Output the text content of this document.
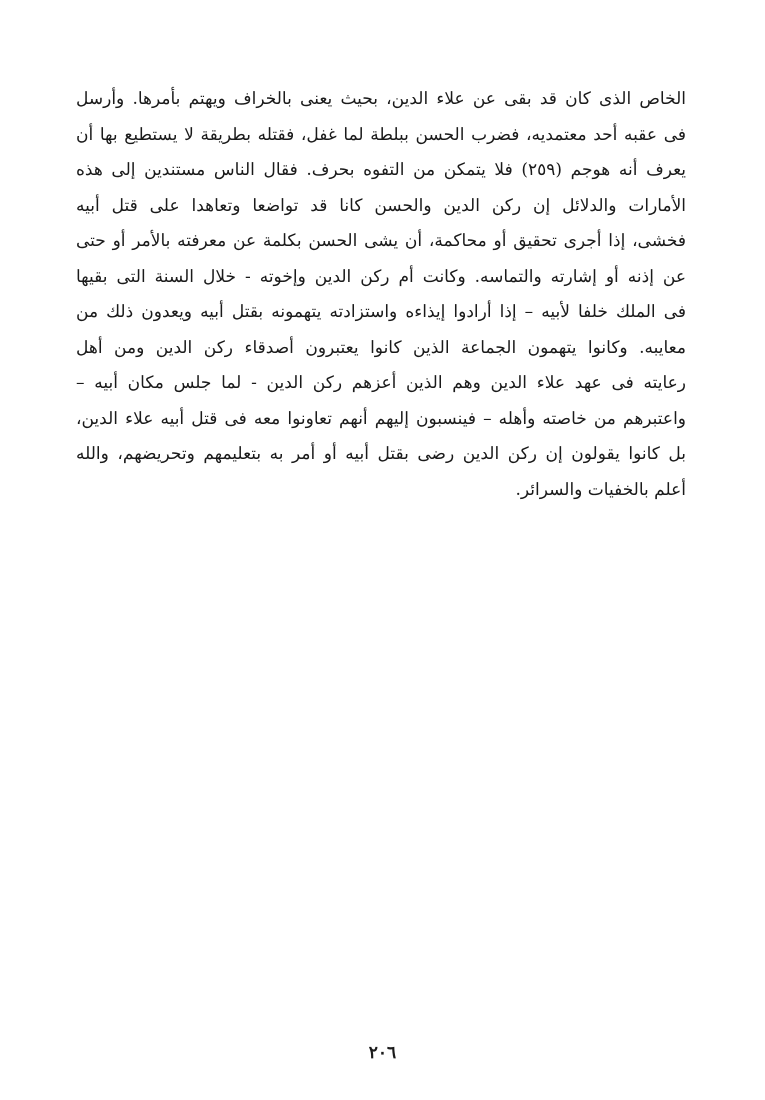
الخاص الذى كان قد بقى عن علاء الدين، بحيث يعنى بالخراف ويهتم بأمرها. وأرسل
فى عقبه أحد معتمديه، فضرب الحسن ببلطة لما غفل، فقتله بطريقة لا يستطيع بها أن
يعرف أنه هوجم (٢٥٩) فلا يتمكن من التفوه بحرف. فقال الناس مستندين إلى هذه
الأمارات والدلائل إن ركن الدين والحسن كانا قد تواضعا وتعاهدا على قتل أبيه
فخشى، إذا أجرى تحقيق أو محاكمة، أن يشى الحسن بكلمة عن معرفته بالأمر أو حتى
عن إذنه أو إشارته والتماسه. وكانت أم ركن الدين وإخوته - خلال السنة التى بقيها
فى الملك خلفا لأبيه – إذا أرادوا إيذاءه واستزادته يتهمونه بقتل أبيه ويعدون ذلك من
معايبه. وكانوا يتهمون الجماعة الذين كانوا يعتبرون أصدقاء ركن الدين ومن أهل
رعايته فى عهد علاء الدين وهم الذين أعزهم ركن الدين - لما جلس مكان أبيه –
واعتبرهم من خاصته وأهله – فينسبون إليهم أنهم تعاونوا معه فى قتل أبيه علاء الدين،
بل كانوا يقولون إن ركن الدين رضى بقتل أبيه أو أمر به بتعليمهم وتحريضهم، والله
أعلم بالخفيات والسرائر.
٢٠٦
